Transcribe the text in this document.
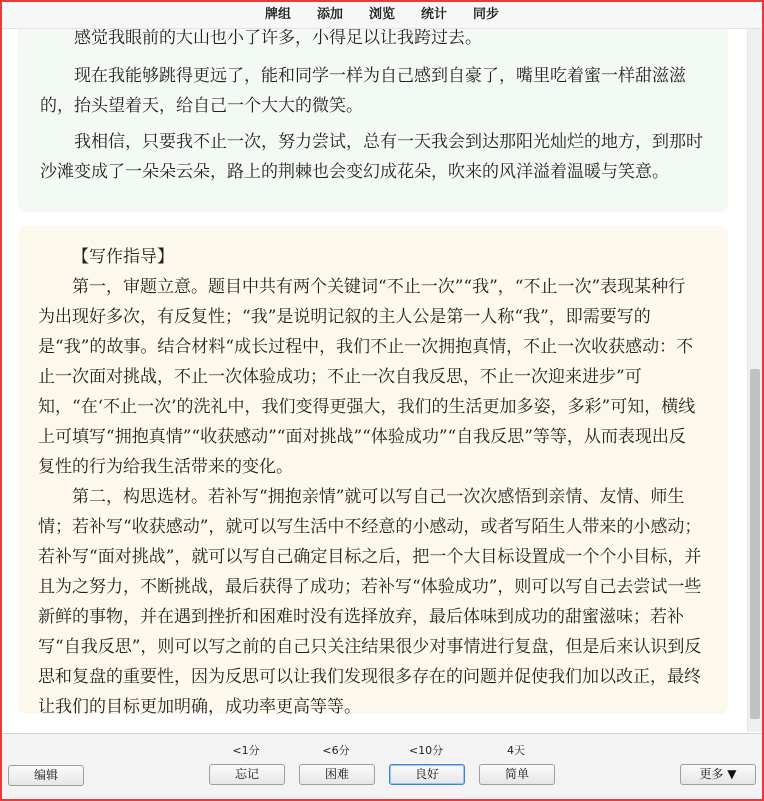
牌组	添加	浏览	统计	同步

感觉我眼前的大山也小了许多，小得足以让我跨过去。

现在我能够跳得更远了，能和同学一样为自己感到自豪了，嘴里吃着蜜一样甜滋滋的，抬头望着天，给自己一个大大的微笑。

我相信，只要我不止一次，努力尝试，总有一天我会到达那阳光灿烂的地方，到那时沙滩变成了一朵朵云朵，路上的荆棘也会变幻成花朵，吹来的风洋溢着温暖与笑意。

【写作指导】

第一，审题立意。题目中共有两个关键词“不止一次”“我”，“不止一次”表现某种行为出现好多次，有反复性；“我”是说明记叙的主人公是第一人称“我”，即需要写的是“我”的故事。结合材料“成长过程中，我们不止一次拥抱真情，不止一次收获感动：不止一次面对挑战，不止一次体验成功；不止一次自我反思，不止一次迎来进步”可知，“在‘不止一次’的洗礼中，我们变得更强大，我们的生活更加多姿，多彩”可知，横线上可填写“拥抱真情”“收获感动”“面对挑战”“体验成功”“自我反思”等等，从而表现出反复性的行为给我生活带来的变化。

第二，构思选材。若补写“拥抱亲情”就可以写自己一次次感悟到亲情、友情、师生情；若补写“收获感动”，就可以写生活中不经意的小感动，或者写陌生人带来的小感动；若补写“面对挑战”，就可以写自己确定目标之后，把一个大目标设置成一个个小目标，并且为之努力，不断挑战，最后获得了成功；若补写“体验成功”，则可以写自己去尝试一些新鲜的事物，并在遇到挫折和困难时没有选择放弃，最后体味到成功的甜蜜滋味；若补写“自我反思”，则可以写之前的自己只关注结果很少对事情进行复盘，但是后来认识到反思和复盘的重要性，因为反思可以让我们发现很多存在的问题并促使我们加以改正，最终让我们的目标更加明确，成功率更高等等。

编辑
<1分	<6分	<10分	4天
忘记	困难	良好	简单	更多 ▼
